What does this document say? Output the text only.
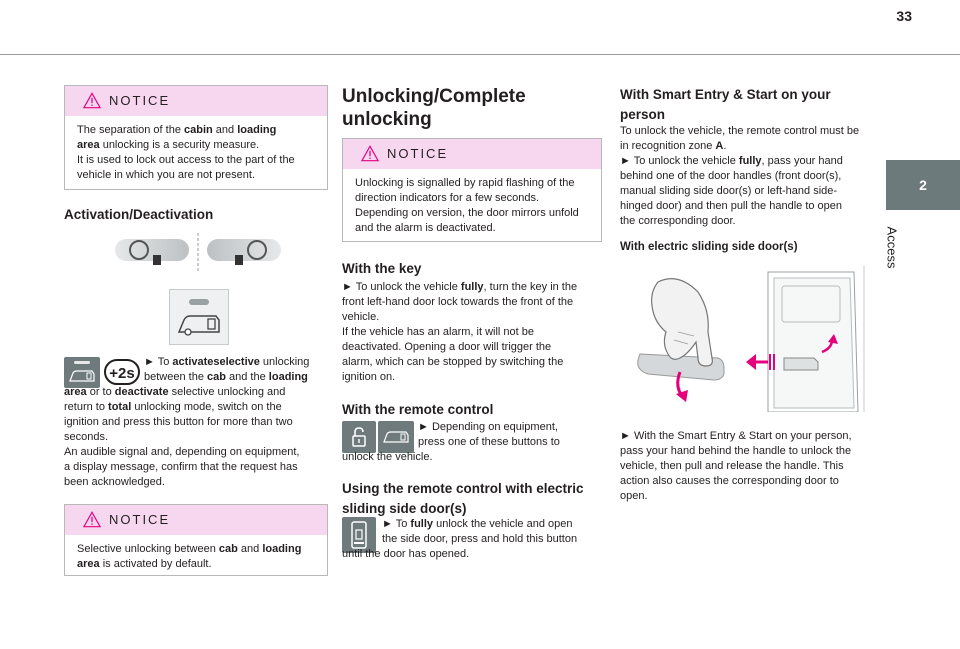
33
2
Access
NOTICE
The separation of the cabin and loading
area unlocking is a security measure.
It is used to lock out access to the part of the
vehicle in which you are not present.
Activation/Deactivation
+2s
► To activateselective unlocking
between the cab and the loading
area or to deactivate selective unlocking and
return to total unlocking mode, switch on the
ignition and press this button for more than two
seconds.
An audible signal and, depending on equipment,
a display message, confirm that the request has
been acknowledged.
NOTICE
Selective unlocking between cab and loading
area is activated by default.
Unlocking/Complete
unlocking
NOTICE
Unlocking is signalled by rapid flashing of the
direction indicators for a few seconds.
Depending on version, the door mirrors unfold
and the alarm is deactivated.
With the key
► To unlock the vehicle fully, turn the key in the
front left-hand door lock towards the front of the
vehicle.
If the vehicle has an alarm, it will not be
deactivated. Opening a door will trigger the
alarm, which can be stopped by switching the
ignition on.
With the remote control
► Depending on equipment,
press one of these buttons to
unlock the vehicle.
Using the remote control with electric
sliding side door(s)
► To fully unlock the vehicle and open
the side door, press and hold this button
until the door has opened.
With Smart Entry & Start on your
person
To unlock the vehicle, the remote control must be
in recognition zone A.
► To unlock the vehicle fully, pass your hand
behind one of the door handles (front door(s),
manual sliding side door(s) or left-hand side-
hinged door) and then pull the handle to open
the corresponding door.
With electric sliding side door(s)
► With the Smart Entry & Start on your person,
pass your hand behind the handle to unlock the
vehicle, then pull and release the handle. This
action also causes the corresponding door to
open.
